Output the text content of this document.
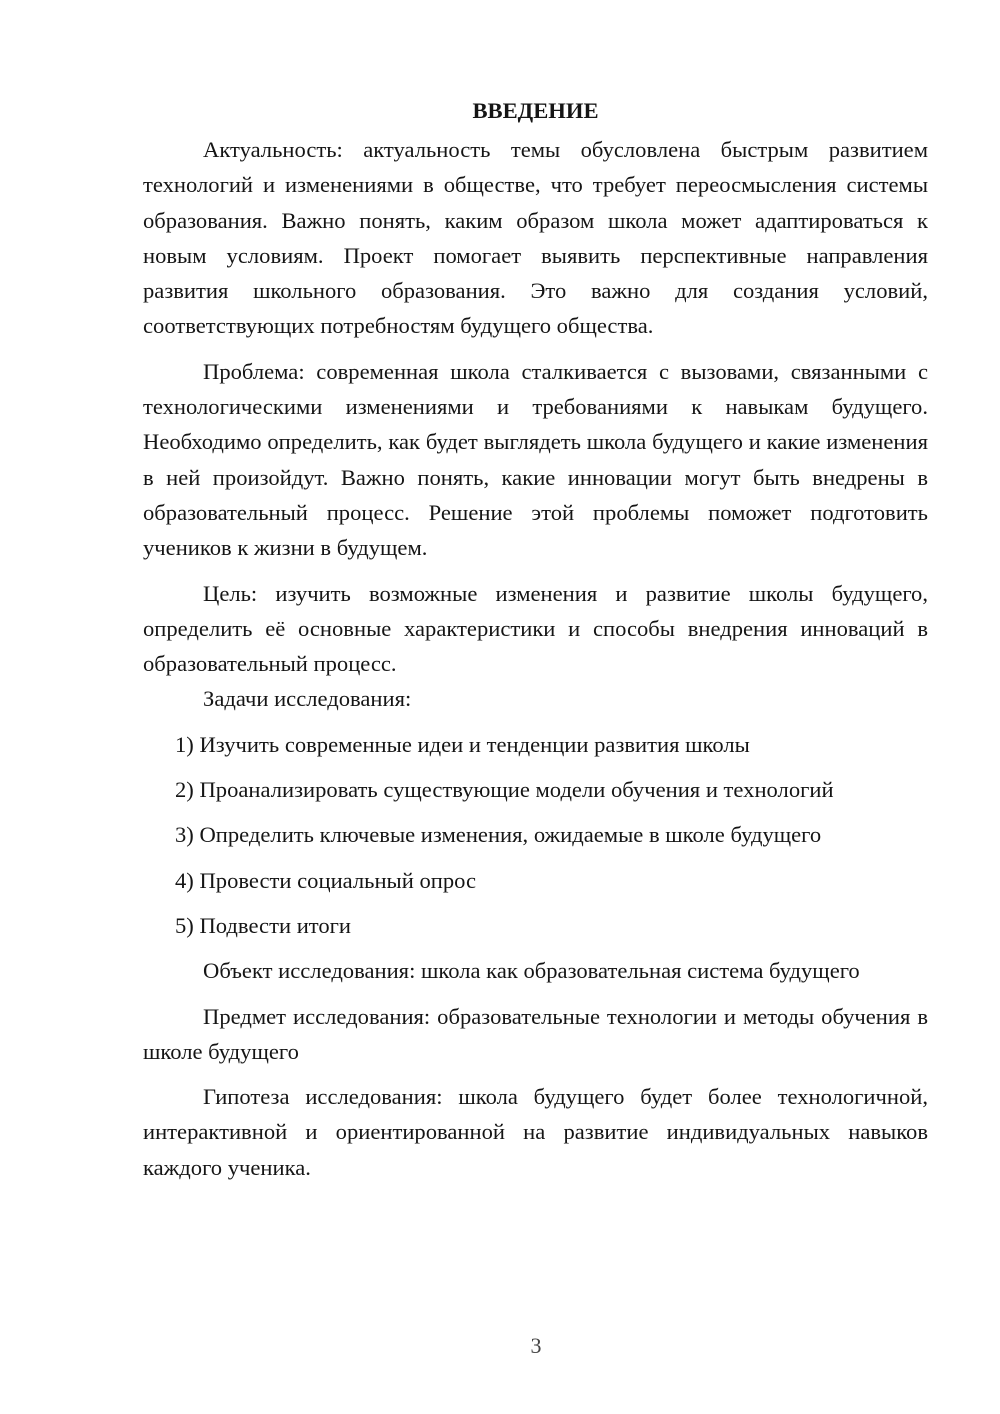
ВВЕДЕНИЕ

Актуальность: актуальность темы обусловлена быстрым развитием технологий и изменениями в обществе, что требует переосмысления системы образования. Важно понять, каким образом школа может адаптироваться к новым условиям. Проект помогает выявить перспективные направления развития школьного образования. Это важно для создания условий, соответствующих потребностям будущего общества.

Проблема: современная школа сталкивается с вызовами, связанными с технологическими изменениями и требованиями к навыкам будущего. Необходимо определить, как будет выглядеть школа будущего и какие изменения в ней произойдут. Важно понять, какие инновации могут быть внедрены в образовательный процесс. Решение этой проблемы поможет подготовить учеников к жизни в будущем.

Цель: изучить возможные изменения и развитие школы будущего, определить её основные характеристики и способы внедрения инноваций в образовательный процесс.

Задачи исследования:

1) Изучить современные идеи и тенденции развития школы
2) Проанализировать существующие модели обучения и технологий
3) Определить ключевые изменения, ожидаемые в школе будущего
4) Провести социальный опрос
5) Подвести итоги

Объект исследования: школа как образовательная система будущего

Предмет исследования: образовательные технологии и методы обучения в школе будущего

Гипотеза исследования: школа будущего будет более технологичной, интерактивной и ориентированной на развитие индивидуальных навыков каждого ученика.

3
